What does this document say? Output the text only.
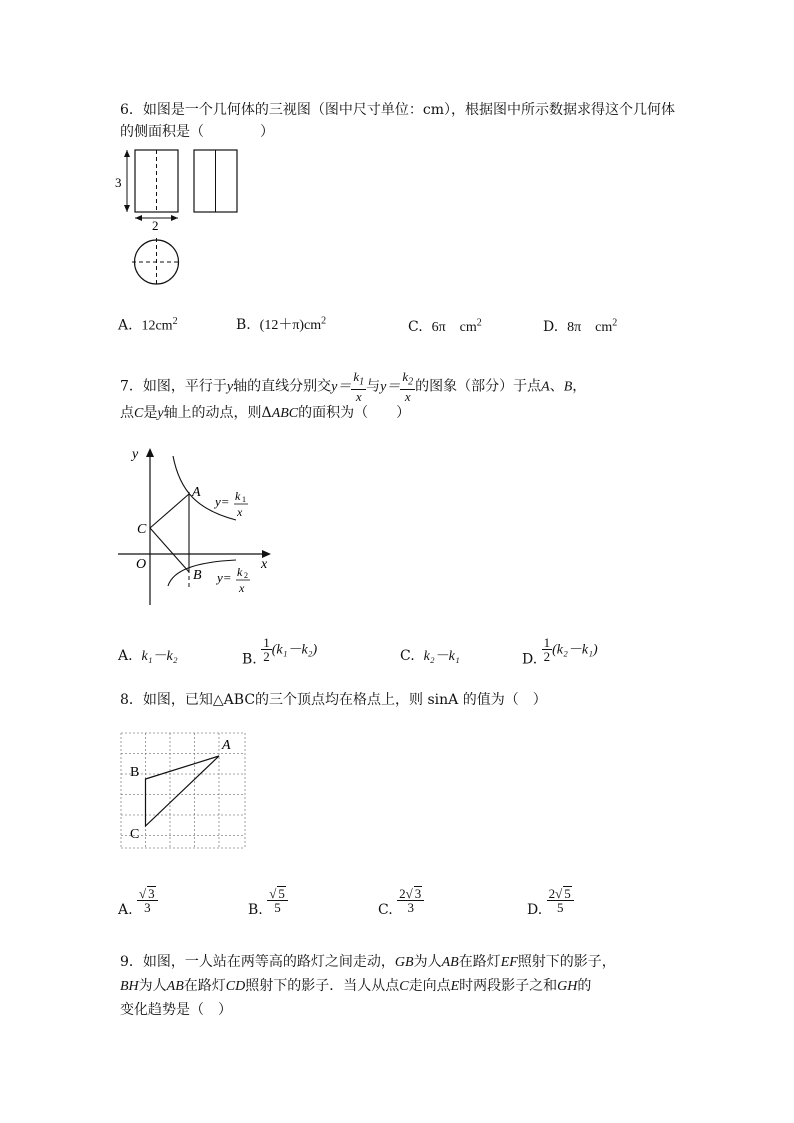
6．如图是一个几何体的三视图（图中尺寸单位：cm），根据图中所示数据求得这个几何体
的侧面积是（　　　　）
3
2
A. $12cm^2$	B. $(12+\pi)cm^2$	C. 6π　$cm^2$	D. 8π　$cm^2$
7．如图，平行于y轴的直线分别交$y= \frac{k_1}{x}$ 与$y= \frac{k_2}{x}$ 的图象（部分）于点A、B，
点C是y轴上的动点，则ΔABC的面积为（　　）
y
x
O
A
B
C
y= k 1
x
y= k 2
x
A. k₁－k₂	B. $\frac{1}{2} (k_1-k_2)$	C. k₂－k₁	D. $\frac{1}{2} (k_2-k_1)$
8．如图，已知△ABC的三个顶点均在格点上，则 sinA 的值为（　）
A
B
C
A. $\frac{√ 3}{3}$	B. $\frac{√ 5}{5}$	C. $\frac{2√ 3}{3}$	D. $\frac{2√ 5}{5}$
9．如图，一人站在两等高的路灯之间走动，GB为人AB在路灯EF照射下的影子，
BH为人AB在路灯CD照射下的影子．当人从点C走向点E时两段影子之和GH的
变化趋势是（　）
